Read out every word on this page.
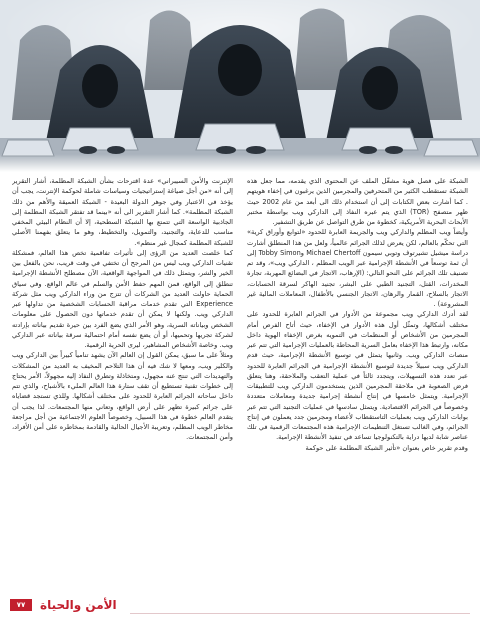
الشبكة على فصل هوية مشغّل الملف عن المحتوى الذي يقدمه، مما جعل هذه الشبكة تستقطب الكثير من المتحرفين والمجرمين الذين يرغبون في إخفاء هويتهم . كما أشارت بعض الكتابات إلى أن استخدام ذلك الى أبعد من عام 2002 حيث ظهر متصفح (TOR) الذي يتم عبره النفاذ إلى الداركي ويب بواسطة مختبر الأبحاث البحرية الأمريكية، كخطوة من طرق التواصل عن طريق التشفير.

وأيضاً ويب المظلم والداركي ويب والجريمة العابرة للحدود «لتوابع وأوراق كرية» التي تحكّم بالعالم، لكن يعرض لذلك الجرائم عالمياً، ولعل من هذا المنطلق أشارت دراسة ميشيل تشيرتوف وتوبي سيمون Michael Chertoff وTobby Simon إلى أن ثمة توسعاً في الأنشطة الإجرامية عبر الويب المظلم ، الداركي ويب»، وقد تم تصنيف تلك الجرائم على النحو التالي: (الإرهاب، الاتجار في البضائع المهربة، تجارة المخدرات، القتل، التجنيد الطبي على البشر، تجنيد الهاكر لسرقة الحسابات، الاتجار بالسلاح، القمار والرهان، الاتجار الجنسي بالأطفال، المعاملات المالية غير المشروعة) .

لقد أدرك الداركي ويب مجموعة من الأدوار في الجرائم العابرة للحدود على مختلف أشكالها، وتمثّل أول هذه الأدوار في الإخفاء، حيث أتاح الفرص أمام المجرمين من الأشخاص أو المنظمات في التمويه بغرض الإخفاء الهوية داخل مكانه، وارتبط هذا الإخفاء بعامل السرية المحاطة بالعمليات الإجرامية التي تتم عبر منصات الداركي ويب. وثانيها يتمثل في توسيع الأنشطة الإجرامية، حيث قدم الداركي ويب سبيلاً جديدة لتوسيع الأنشطة الإجرامية في الجرائم العابرة للحدود عبر تعدد هذه التسهيلات، ويتجدد ثالثاً في عملية التعقب والملاحقة، وهنا يتعلق فرض الصعوبة في ملاحقة المجرمين الذين يستخدمون الداركي ويب للتطبيقات الإجرامية. ويتمثل خامسها في إنتاج أنشطة إجرامية جديدة ومعاملات متعددة وخصوصاً في الجرائم الاقتصادية. ويتمثل سادسها في عمليات التجنيد التي تتم عبر بوابات الداركي ويب بعمليات التاستقطاب لأعضاء ومجرمين جدد يعملون في إنتاج الجرائم، وفي الغالب تستغل التنظيمات الإجرامية هذه المجتمعات الرقمية في تلك عناصر شابة لديها دراية بالتكنولوجيا تساعد في تنفيذ الأنشطة الإجرامية.

وقدم تقرير خاص بعنوان «تأثير الشبكة المظلمة على حوكمة

الإنترنت والأمن السيبراني» عدة اقترحات بشأن الشبكة المظلمة، أشار التقرير إلى أنه «من أجل صياغة إستراتيجيات وسياسات شاملة لحوكمة الإنترنت، يجب أن يؤخذ في الاعتبار وفي جوهر الدولة البعيدة - الشبكة العميقة والأهم من ذلك الشبكة المظلمة». كما أشار التقرير الى أنه «بينما قد تفتقر الشبكة المظلمة إلى الجاذبية الواسعة التي تتمتع بها الشبكة السطحية، إلا أن النظام البيئي المخفي مناسب للدعاية، والتجنيد، والتمويل، والتخطيط، وهو ما يتعلق بفهمنا الأصلي للشبكة المظلمة كمجال غير منظم».

كما خلصت العديد من الرؤى إلى تأثيرات تفاقمية تخص هذا العالم، فمشكلة تقنيات الداركي ويب ليس من المرجح أن تختفي في وقت قريب، نحن بالفعل بين الخير والشر، ويتمثل ذلك في المواجهة الواقعية، الآن مصطلح الأنشطة الإجرامية تنطلق إلى الواقع، فمن المهم حفظ الأمن والسلم في عالم الواقع. وفي سياق الحماية حاولت العديد من الشركات أن تتزج من وراء الداركي ويب مثل شركة Experience التي تقدم خدمات مراقبة الحسابات الشخصية من تداولها عبر الداركي ويب. ولكنها لا يمكن أن تقدم خدماتها دون الحصول على معلومات الشخص وبياناته السرية، وهو الأمر الذي يضع الفرد بين حيرة تقديم بياناته بإرادته لشركة تجريها وتحميها، أو أن يضع نفسه أمام احتمالية سرقة بياناته عبر الداركي ويب. وخاصة الأشخاص المشاهير، ليرى الحرية الرقمية.

ومثلاً على ما سبق، يمكن القول إن العالم الآن يشهد تنامياً كبيراً بين الداركي ويب والكلير ويب، ومعها لا شك فيه أن هذا التلاحم المخيف به العديد من المشكلات والتهديدات التي تنتج عنه مجهول، ومتخاذلة وتطرق النفاذ إليه مجهولاً، الأمر يحتاج إلى خطوات تقنية تستطيع أن تقف ستارة هذا العالم المليء بالأشباح، والذي تتم داخل ساحاته الجرائم العابرة للحدود على مختلف أشكالها. وللذي تستجد قضاياه على جرائم كبيرة تظهر على أرض الواقع، وتعاني منها المجتمعات. لذا يجب أن يتقدم العالم خطوة في هذا السبيل، وخصوصاً العلوم الاجتماعية من أجل مراجعة مخاطر الويب المظلم، وتعريبة الأجيال الحالية والقادمة بمخاطره على أمن الأفراد، وأمن المجتمعات.

٧٧	الأمن والحياة
